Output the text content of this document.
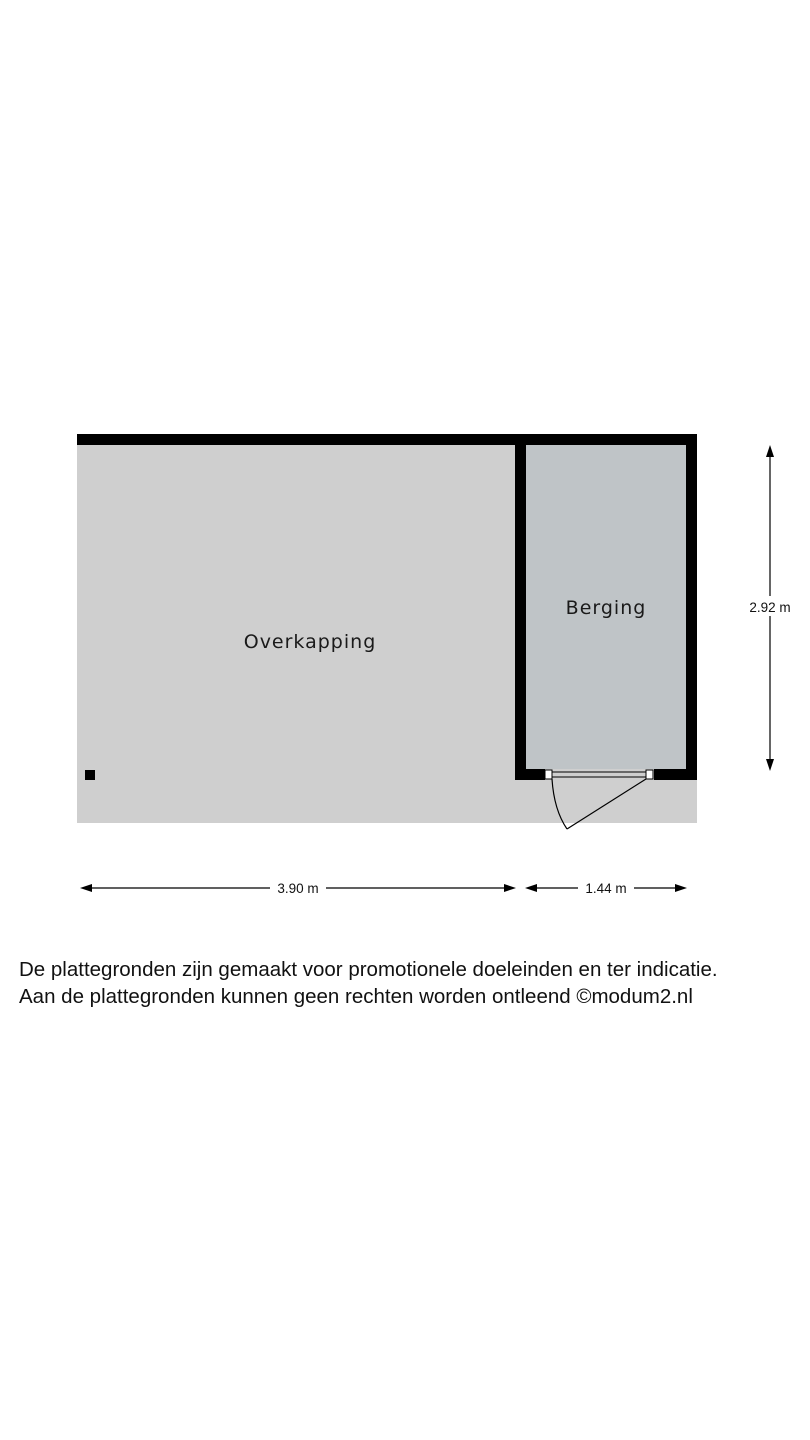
Overkapping
Berging
3.90 m	1.44 m
2.92 m
De plattegronden zijn gemaakt voor promotionele doeleinden en ter indicatie.
Aan de plattegronden kunnen geen rechten worden ontleend ©modum2.nl
